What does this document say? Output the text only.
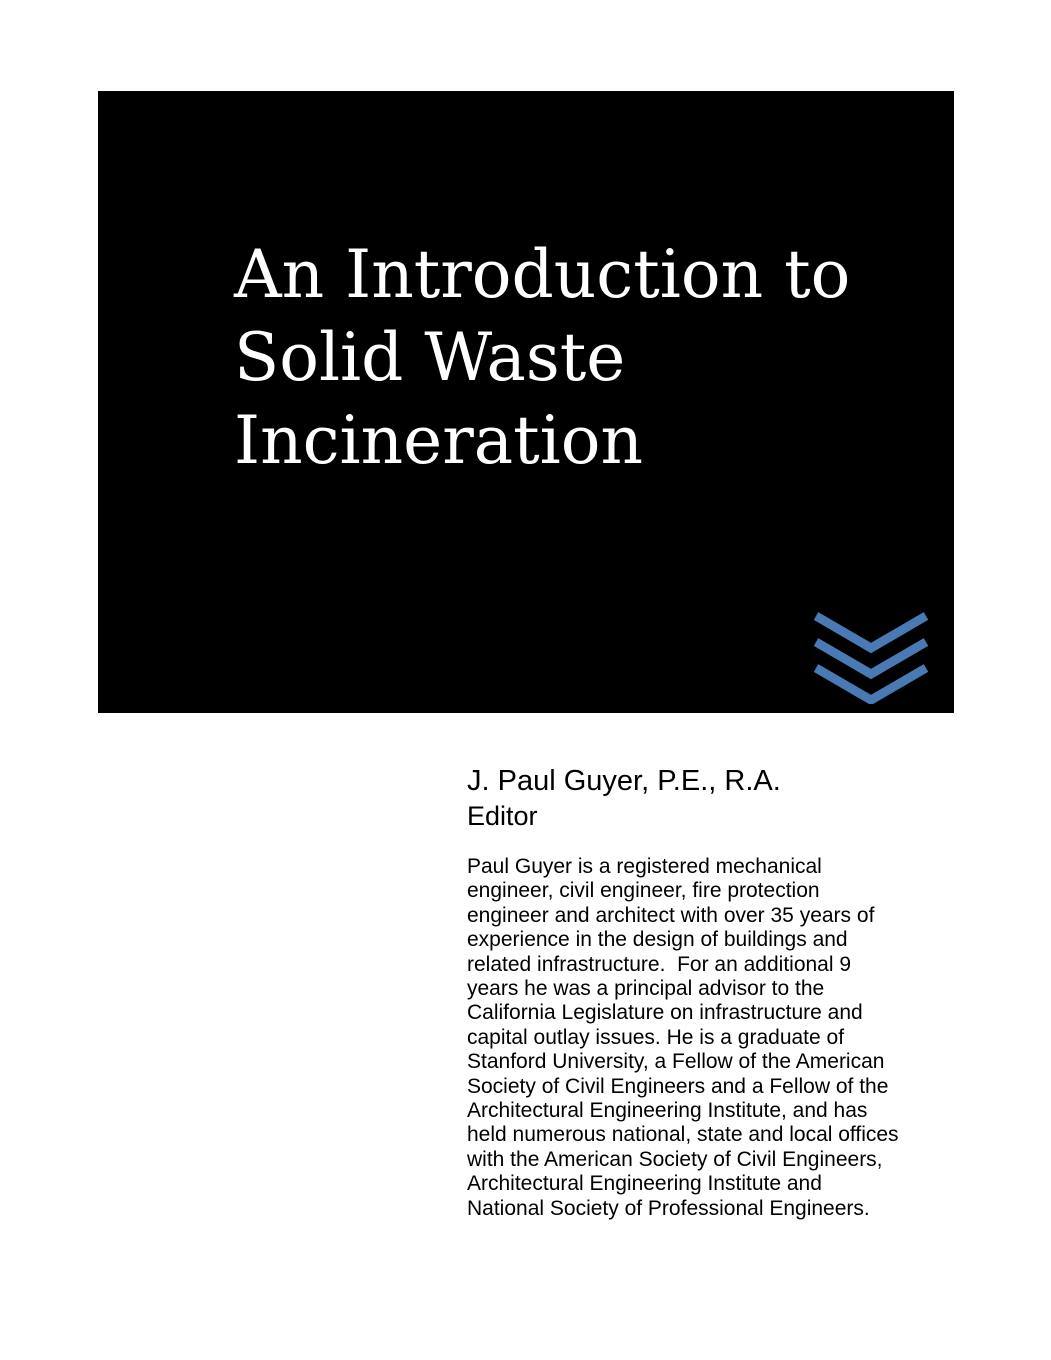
An Introduction to
Solid Waste
Incineration

J. Paul Guyer, P.E., R.A.

Editor

Paul Guyer is a registered mechanical
engineer, civil engineer, fire protection
engineer and architect with over 35 years of
experience in the design of buildings and
related infrastructure.  For an additional 9
years he was a principal advisor to the
California Legislature on infrastructure and
capital outlay issues. He is a graduate of
Stanford University, a Fellow of the American
Society of Civil Engineers and a Fellow of the
Architectural Engineering Institute, and has
held numerous national, state and local offices
with the American Society of Civil Engineers,
Architectural Engineering Institute and
National Society of Professional Engineers.
